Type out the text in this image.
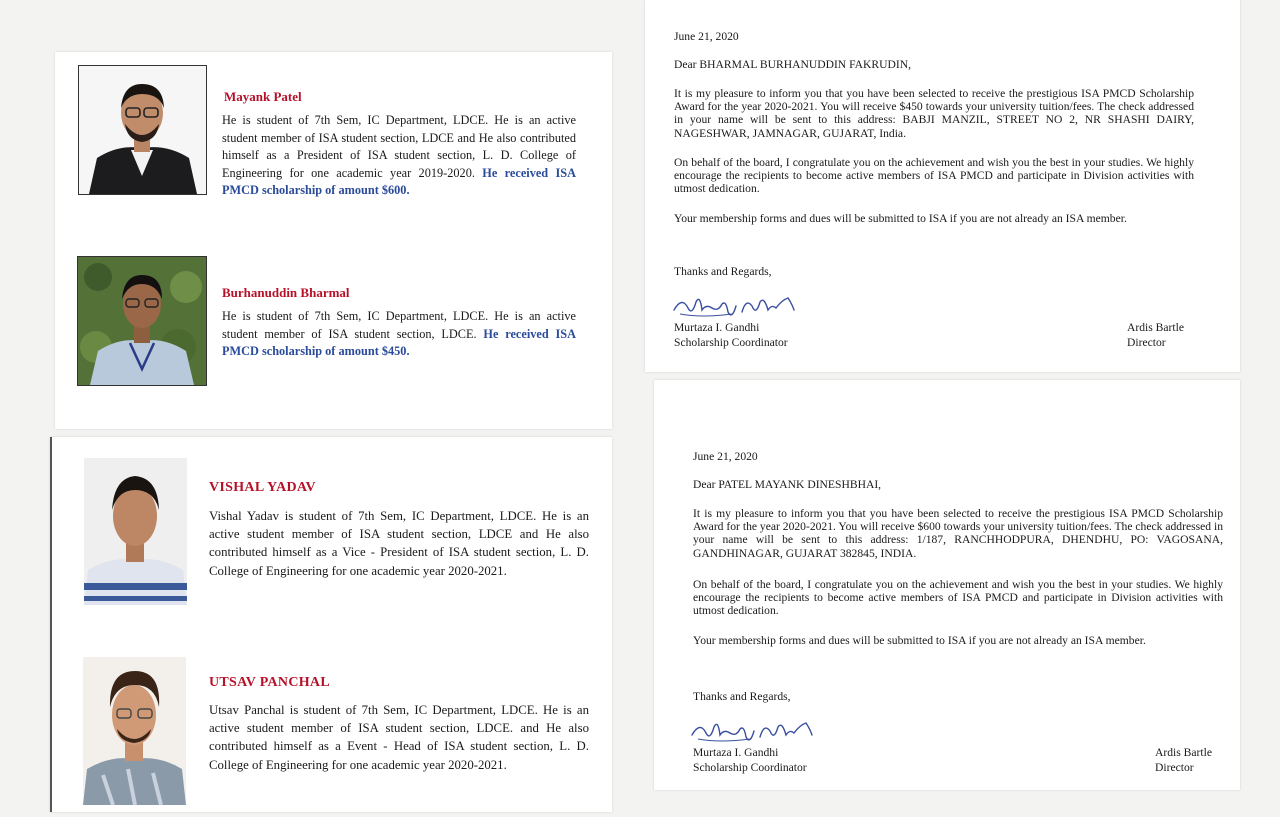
Mayank Patel
He is student of 7th Sem, IC Department, LDCE. He is an active student member of ISA student section, LDCE and He also contributed himself as a President of ISA student section, L. D. College of Engineering for one academic year 2019-2020. He received ISA PMCD scholarship of amount $600.
Burhanuddin Bharmal
He is student of 7th Sem, IC Department, LDCE. He is an active student member of ISA student section, LDCE. He received ISA PMCD scholarship of amount $450.
VISHAL YADAV
Vishal Yadav is student of 7th Sem, IC Department, LDCE. He is an active student member of ISA student section, LDCE and He also contributed himself as a Vice - President of ISA student section, L. D. College of Engineering for one academic year 2020-2021.
UTSAV PANCHAL
Utsav Panchal is student of 7th Sem, IC Department, LDCE. He is an active student member of ISA student section, LDCE. and He also contributed himself as a Event - Head of ISA student section, L. D. College of Engineering for one academic year 2020-2021.
June 21, 2020
Dear BHARMAL BURHANUDDIN FAKRUDIN,
It is my pleasure to inform you that you have been selected to receive the prestigious ISA PMCD Scholarship Award for the year 2020-2021. You will receive $450 towards your university tuition/fees. The check addressed in your name will be sent to this address: BABJI MANZIL, STREET NO 2, NR SHASHI DAIRY, NAGESHWAR, JAMNAGAR, GUJARAT, India.
On behalf of the board, I congratulate you on the achievement and wish you the best in your studies. We highly encourage the recipients to become active members of ISA PMCD and participate in Division activities with utmost dedication.
Your membership forms and dues will be submitted to ISA if you are not already an ISA member.
Thanks and Regards,
Murtaza I. Gandhi
Scholarship Coordinator
Ardis Bartle
Director
June 21, 2020
Dear PATEL MAYANK DINESHBHAI,
It is my pleasure to inform you that you have been selected to receive the prestigious ISA PMCD Scholarship Award for the year 2020-2021. You will receive $600 towards your university tuition/fees. The check addressed in your name will be sent to this address: 1/187, RANCHHODPURA, DHENDHU, PO: VAGOSANA, GANDHINAGAR, GUJARAT 382845, INDIA.
On behalf of the board, I congratulate you on the achievement and wish you the best in your studies. We highly encourage the recipients to become active members of ISA PMCD and participate in Division activities with utmost dedication.
Your membership forms and dues will be submitted to ISA if you are not already an ISA member.
Thanks and Regards,
Murtaza I. Gandhi
Scholarship Coordinator
Ardis Bartle
Director
